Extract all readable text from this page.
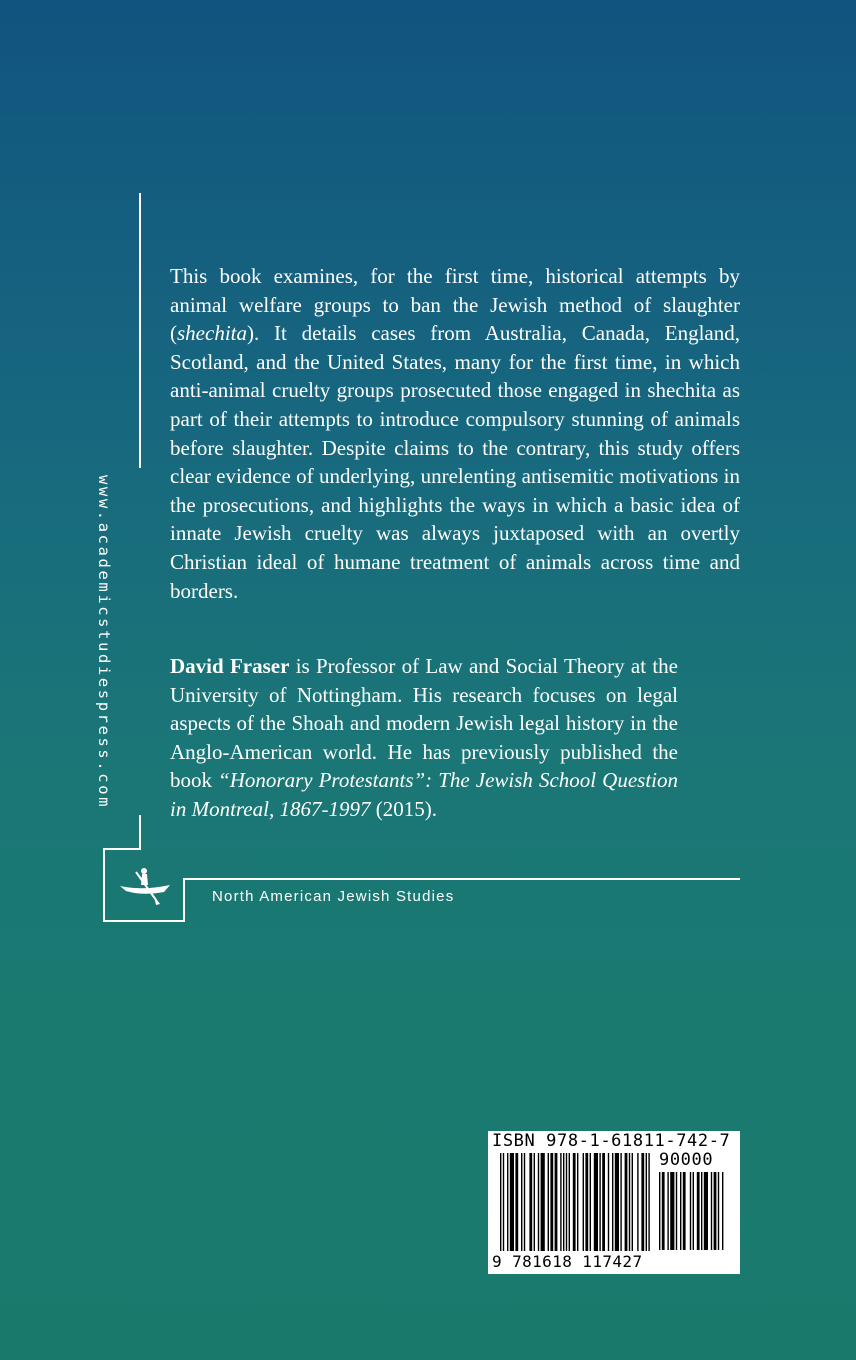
www.academicstudiespress.com

This book examines, for the first time, historical attempts by animal welfare groups to ban the Jewish method of slaughter (shechita). It details cases from Australia, Canada, England, Scotland, and the United States, many for the first time, in which anti-animal cruelty groups prosecuted those engaged in shechita as part of their attempts to introduce compulsory stunning of animals before slaughter. Despite claims to the contrary, this study offers clear evidence of underlying, unrelenting antisemitic motivations in the prosecutions, and highlights the ways in which a basic idea of innate Jewish cruelty was always juxtaposed with an overtly Christian ideal of humane treatment of animals across time and borders.

David Fraser is Professor of Law and Social Theory at the University of Nottingham. His research focuses on legal aspects of the Shoah and modern Jewish legal history in the Anglo-American world. He has previously published the book “Honorary Protestants”: The Jewish School Question in Montreal, 1867-1997 (2015).

North American Jewish Studies
ISBN 978-1-61811-742-7
90000
9 781618 117427
